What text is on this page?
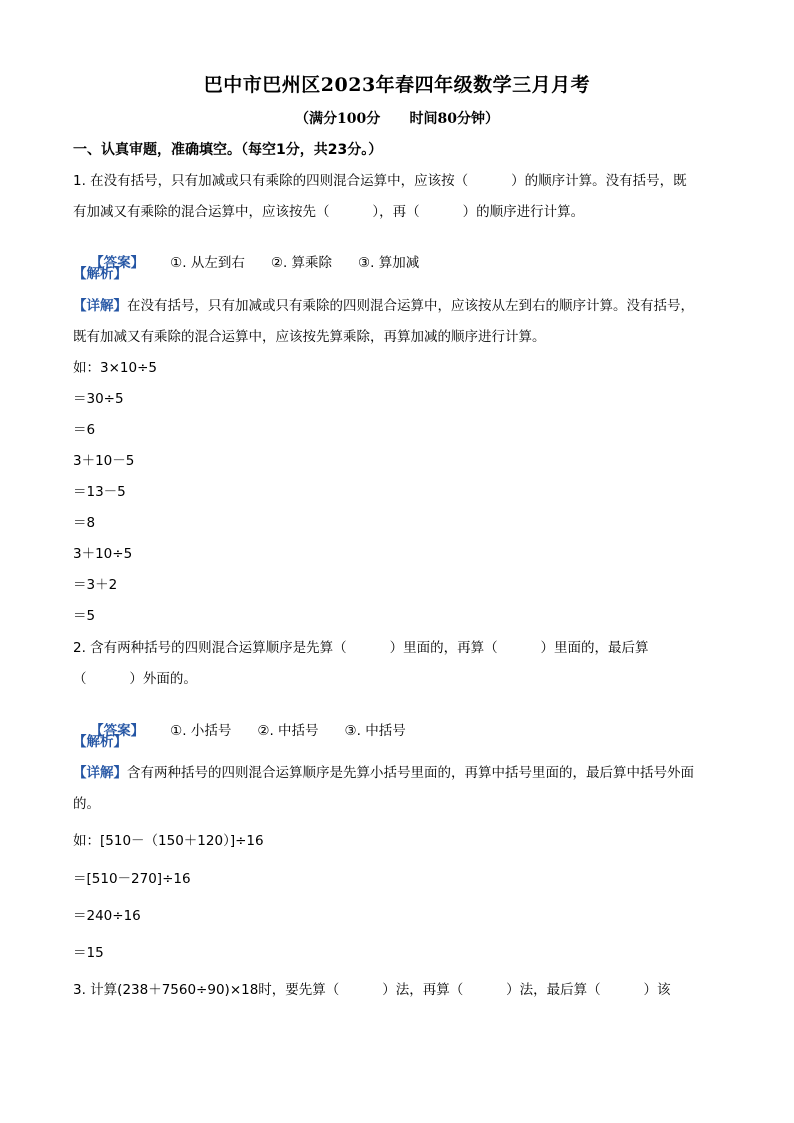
巴中市巴州区2023年春四年级数学三月月考
（满分100分      时间80分钟）
一、认真审题，准确填空。（每空1分，共23分。）
1. 在没有括号，只有加减或只有乘除的四则混合运算中，应该按（          ）的顺序计算。没有括号，既
有加减又有乘除的混合运算中，应该按先（          ），再（          ）的顺序进行计算。

【答案】 ①. 从左到右 ②. 算乘除 ③. 算加减

【解析】
【详解】在没有括号，只有加减或只有乘除的四则混合运算中，应该按从左到右的顺序计算。没有括号，
既有加减又有乘除的混合运算中，应该按先算乘除，再算加减的顺序进行计算。
如：3×10÷5
＝30÷5
＝6
3＋10－5
＝13－5
＝8
3＋10÷5
＝3＋2
＝5
2. 含有两种括号的四则混合运算顺序是先算（          ）里面的，再算（          ）里面的，最后算
（          ）外面的。

【答案】 ①. 小括号 ②. 中括号 ③. 中括号

【解析】
【详解】含有两种括号的四则混合运算顺序是先算小括号里面的，再算中括号里面的，最后算中括号外面
的。
如：[510－（150＋120）]÷16
＝[510－270]÷16
＝240÷16
＝15
3. 计算(238＋7560÷90)×18时，要先算（          ）法，再算（          ）法，最后算（          ）该
